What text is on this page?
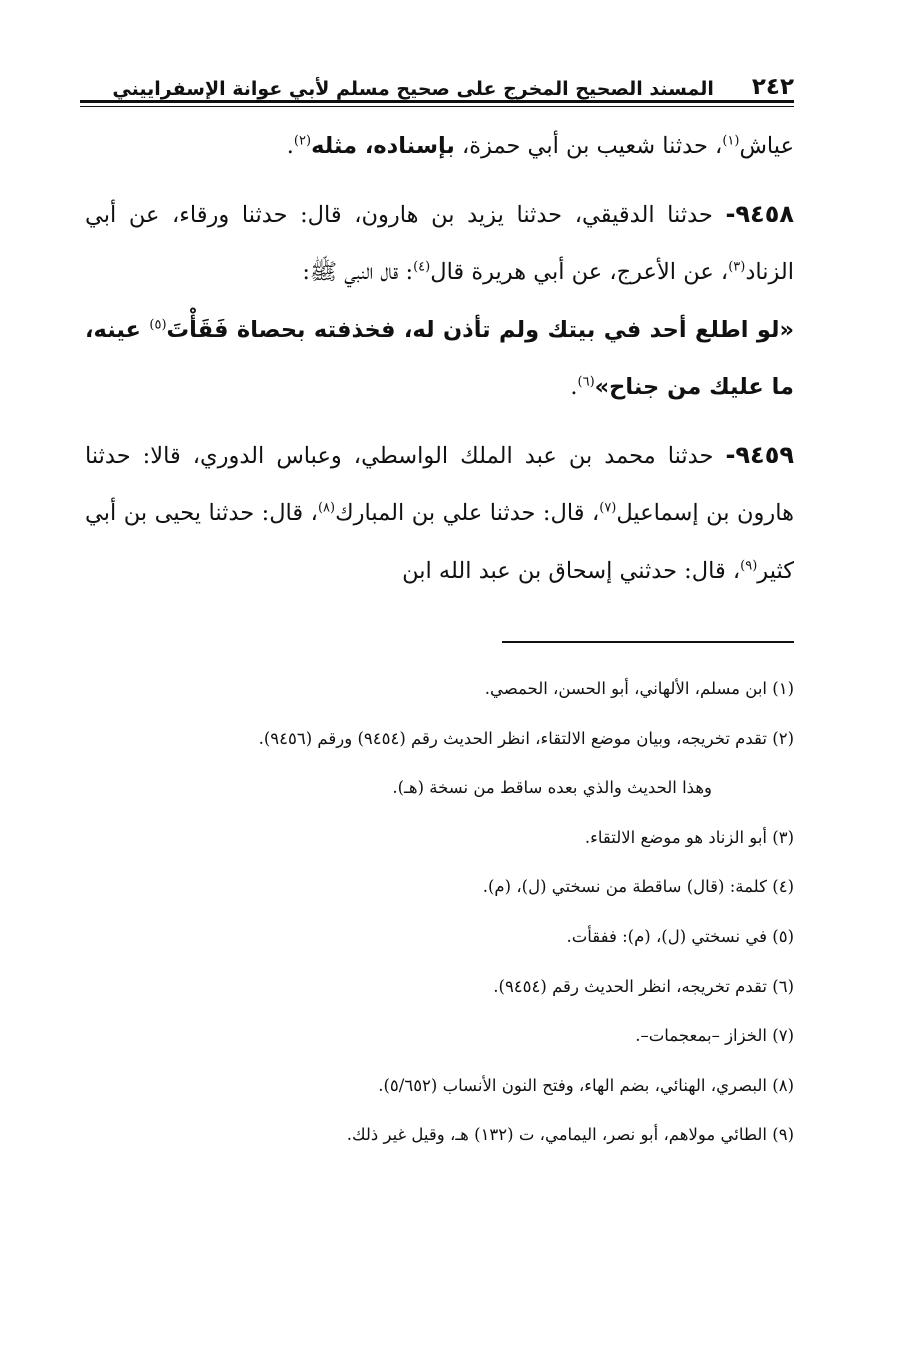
٢٤٢
المسند الصحيح المخرج على صحيح مسلم لأبي عوانة الإسفراييني

عياش$^{(١)}$، حدثنا شعيب بن أبي حمزة، بإسناده، مثله$^{(٢)}$.

٩٤٥٨- حدثنا الدقيقي، حدثنا يزيد بن هارون، قال: حدثنا ورقاء، عن أبي الزناد$^{(٣)}$، عن الأعرج، عن أبي هريرة قال$^{(٤)}$: قال النبي ﷺ:
«لو اطلع أحد في بيتك ولم تأذن له، فخذفته بحصاة فَقَأْتَ$^{(٥)}$ عينه، ما عليك من جناح»$^{(٦)}$.

٩٤٥٩- حدثنا محمد بن عبد الملك الواسطي، وعباس الدوري، قالا: حدثنا هارون بن إسماعيل$^{(٧)}$، قال: حدثنا علي بن المبارك$^{(٨)}$، قال: حدثنا يحيى بن أبي كثير$^{(٩)}$، قال: حدثني إسحاق بن عبد الله ابن

(١) ابن مسلم، الألهاني، أبو الحسن، الحمصي.

(٢) تقدم تخريجه، وبيان موضع الالتقاء، انظر الحديث رقم (٩٤٥٤) ورقم (٩٤٥٦).

وهذا الحديث والذي بعده ساقط من نسخة (هـ).

(٣) أبو الزناد هو موضع الالتقاء.

(٤) كلمة: (قال) ساقطة من نسختي (ل)، (م).

(٥) في نسختي (ل)، (م): ففقأت.

(٦) تقدم تخريجه، انظر الحديث رقم (٩٤٥٤).

(٧) الخزاز –بمعجمات–.

(٨) البصري، الهنائي، بضم الهاء، وفتح النون الأنساب (٥/٦٥٢).

(٩) الطائي مولاهم، أبو نصر، اليمامي، ت (١٣٢) هـ، وقيل غير ذلك.
